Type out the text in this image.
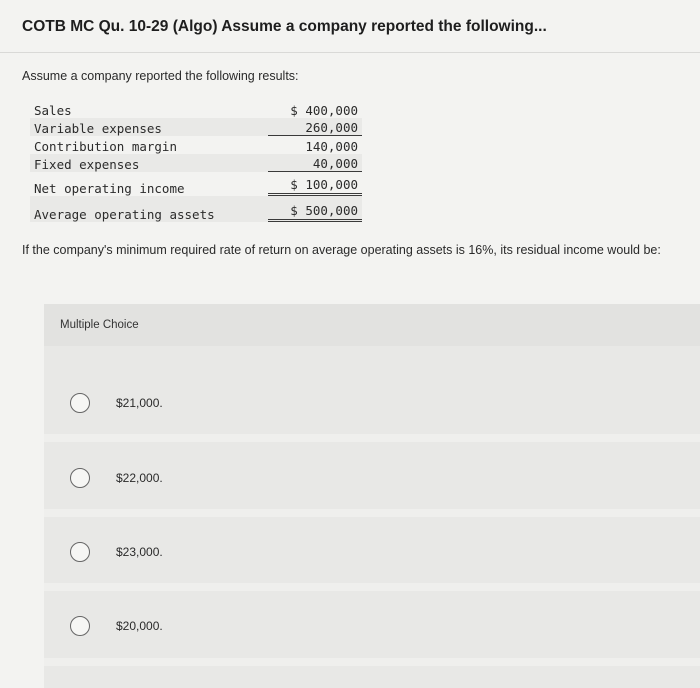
COTB MC Qu. 10-29 (Algo) Assume a company reported the following...
Assume a company reported the following results:
Sales	$ 400,000
Variable expenses	260,000
Contribution margin	140,000
Fixed expenses	40,000
Net operating income	$ 100,000
Average operating assets	$ 500,000
If the company's minimum required rate of return on average operating assets is 16%, its residual income would be:
Multiple Choice
$21,000.
$22,000.
$23,000.
$20,000.
